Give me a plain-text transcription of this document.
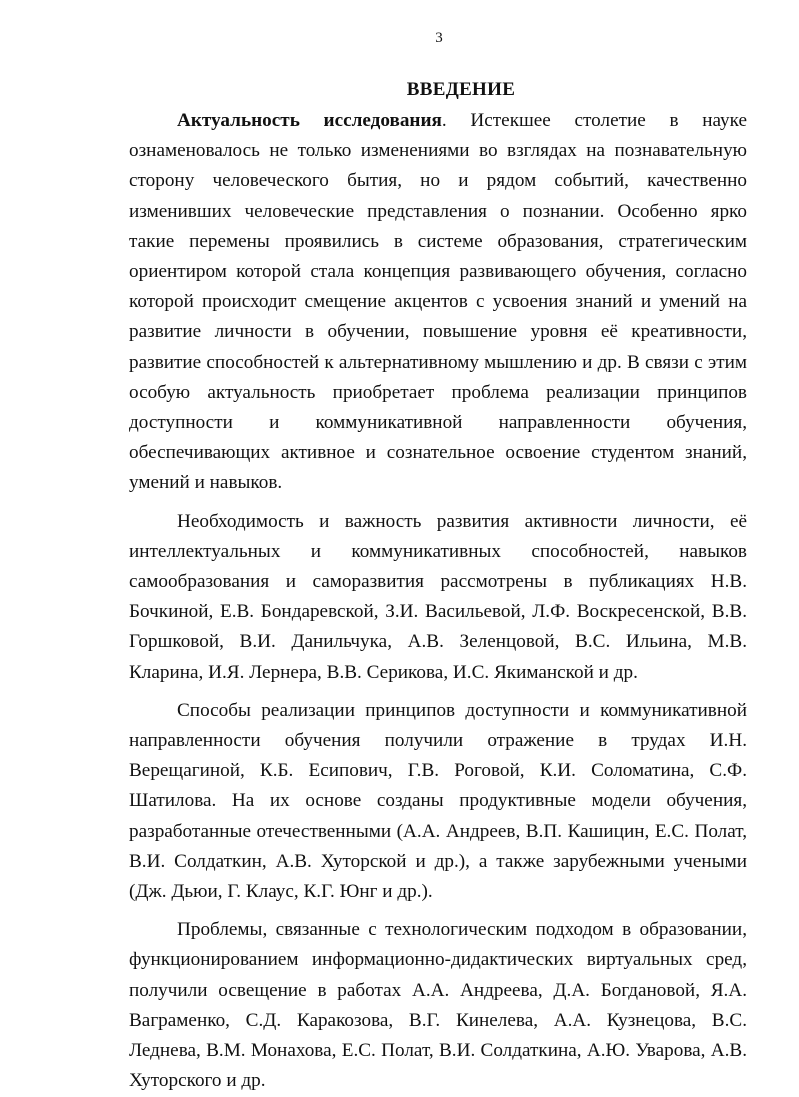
3
ВВЕДЕНИЕ

Актуальность исследования. Истекшее столетие в науке ознаменовалось не только изменениями во взглядах на познавательную сторону человеческого бытия, но и рядом событий, качественно изменивших человеческие представления о познании. Особенно ярко такие перемены проявились в системе образования, стратегическим ориентиром которой стала концепция развивающего обучения, согласно которой происходит смещение акцентов с усвоения знаний и умений на развитие личности в обучении, повышение уровня её креативности, развитие способностей к альтернативному мышлению и др. В связи с этим особую актуальность приобретает проблема реализации принципов доступности и коммуникативной направленности обучения, обеспечивающих активное и сознательное освоение студентом знаний, умений и навыков.

Необходимость и важность развития активности личности, её интеллектуальных и коммуникативных способностей, навыков самообразования и саморазвития рассмотрены в публикациях Н.В. Бочкиной, Е.В. Бондаревской, З.И. Васильевой, Л.Ф. Воскресенской, В.В. Горшковой, В.И. Данильчука, А.В. Зеленцовой, В.С. Ильина, М.В. Кларина, И.Я. Лернера, В.В. Серикова, И.С. Якиманской и др.

Способы реализации принципов доступности и коммуникативной направленности обучения получили отражение в трудах И.Н. Верещагиной, К.Б. Есипович, Г.В. Роговой, К.И. Соломатина, С.Ф. Шатилова. На их основе созданы продуктивные модели обучения, разработанные отечественными (А.А. Андреев, В.П. Кашицин, Е.С. Полат, В.И. Солдаткин, А.В. Хуторской и др.), а также зарубежными учеными (Дж. Дьюи, Г. Клаус, К.Г. Юнг и др.).

Проблемы, связанные с технологическим подходом в образовании, функционированием информационно-дидактических виртуальных сред, получили освещение в работах А.А. Андреева, Д.А. Богдановой, Я.А. Ваграменко, С.Д. Каракозова, В.Г. Кинелева, А.А. Кузнецова, В.С. Леднева, В.М. Монахова, Е.С. Полат, В.И. Солдаткина, А.Ю. Уварова, А.В. Хуторского и др.
